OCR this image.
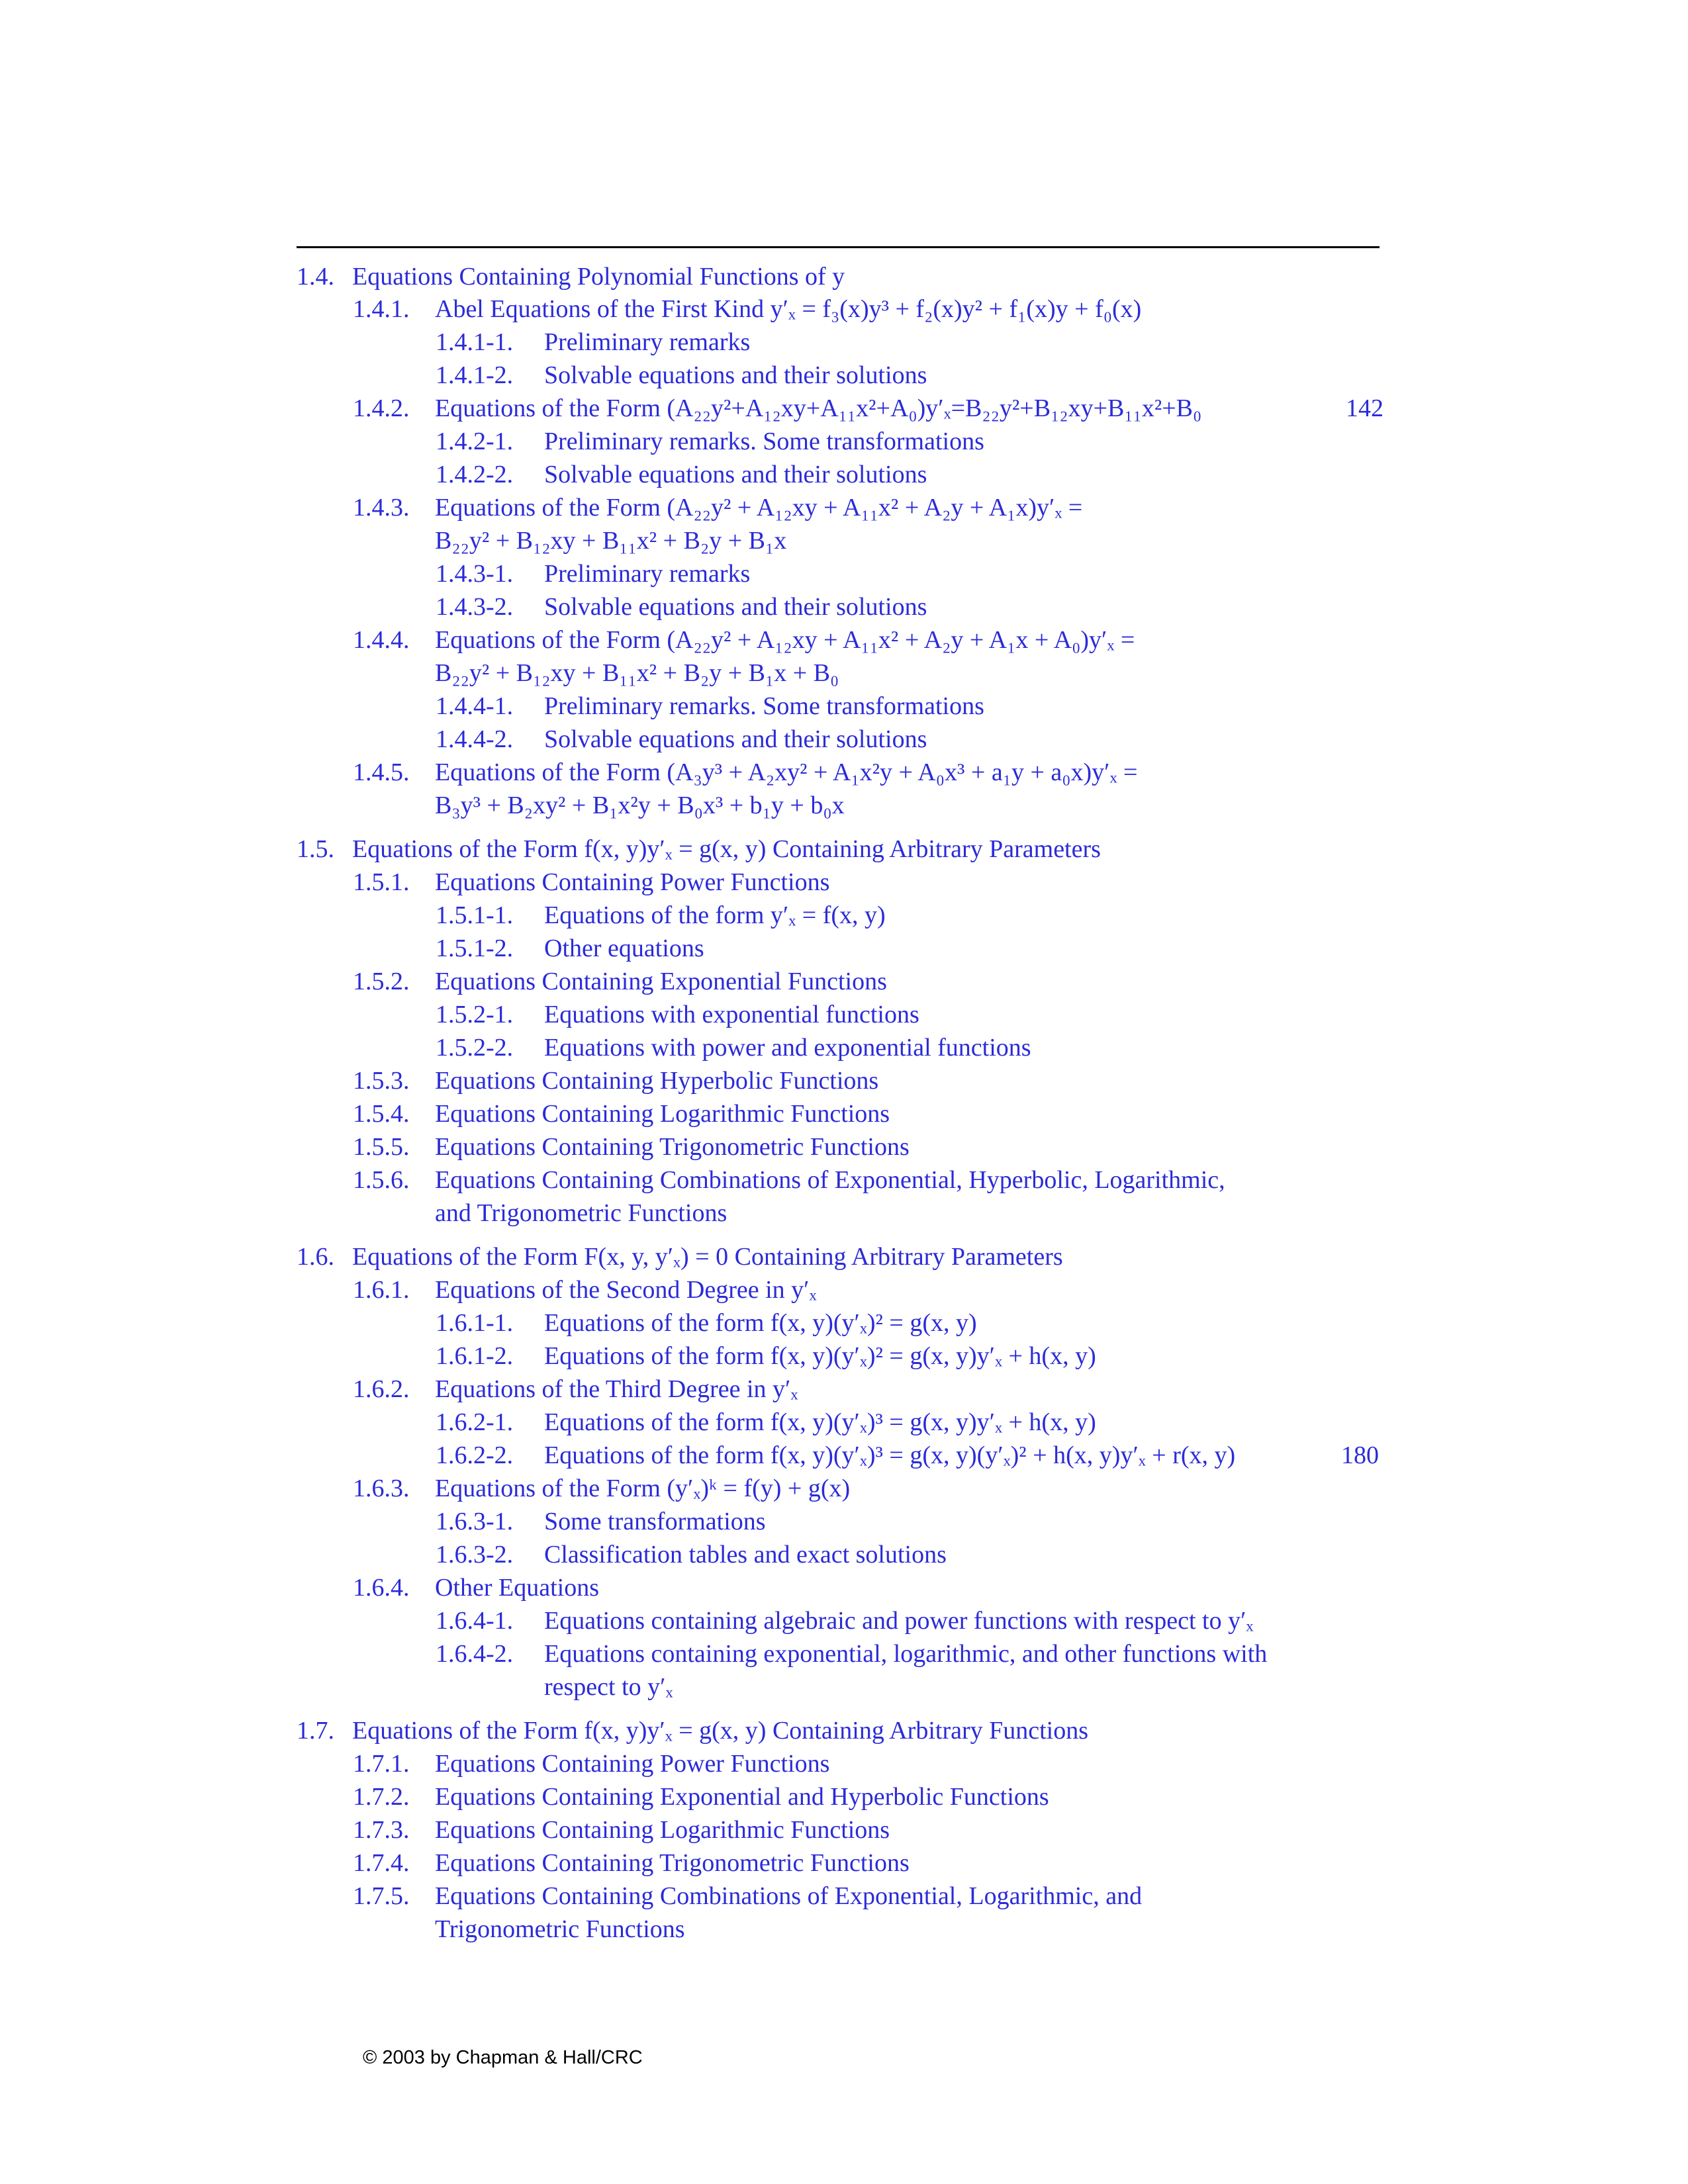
1.4. Equations Containing Polynomial Functions of y
1.4.1. Abel Equations of the First Kind y′ₓ = f₃(x)y³ + f₂(x)y² + f₁(x)y + f₀(x)
1.4.1-1. Preliminary remarks
1.4.1-2. Solvable equations and their solutions
1.4.2. Equations of the Form (A₂₂y²+A₁₂xy+A₁₁x²+A₀)y′ₓ=B₂₂y²+B₁₂xy+B₁₁x²+B₀
1.4.2-1. Preliminary remarks. Some transformations
1.4.2-2. Solvable equations and their solutions
1.4.3. Equations of the Form (A₂₂y² + A₁₂xy + A₁₁x² + A₂y + A₁x)y′ₓ =
B₂₂y² + B₁₂xy + B₁₁x² + B₂y + B₁x
1.4.3-1. Preliminary remarks
1.4.3-2. Solvable equations and their solutions
1.4.4. Equations of the Form (A₂₂y² + A₁₂xy + A₁₁x² + A₂y + A₁x + A₀)y′ₓ =
B₂₂y² + B₁₂xy + B₁₁x² + B₂y + B₁x + B₀
1.4.4-1. Preliminary remarks. Some transformations
1.4.4-2. Solvable equations and their solutions
1.4.5. Equations of the Form (A₃y³ + A₂xy² + A₁x²y + A₀x³ + a₁y + a₀x)y′ₓ =
B₃y³ + B₂xy² + B₁x²y + B₀x³ + b₁y + b₀x
1.5. Equations of the Form f(x, y)y′ₓ = g(x, y) Containing Arbitrary Parameters
1.5.1. Equations Containing Power Functions
1.5.1-1. Equations of the form y′ₓ = f(x, y)
1.5.1-2. Other equations
1.5.2. Equations Containing Exponential Functions
1.5.2-1. Equations with exponential functions
1.5.2-2. Equations with power and exponential functions
1.5.3. Equations Containing Hyperbolic Functions
1.5.4. Equations Containing Logarithmic Functions
1.5.5. Equations Containing Trigonometric Functions
1.5.6. Equations Containing Combinations of Exponential, Hyperbolic, Logarithmic,
and Trigonometric Functions
1.6. Equations of the Form F(x, y, y′ₓ) = 0 Containing Arbitrary Parameters
1.6.1. Equations of the Second Degree in y′ₓ
1.6.1-1. Equations of the form f(x, y)(y′ₓ)² = g(x, y)
1.6.1-2. Equations of the form f(x, y)(y′ₓ)² = g(x, y)y′ₓ + h(x, y)
1.6.2. Equations of the Third Degree in y′ₓ
1.6.2-1. Equations of the form f(x, y)(y′ₓ)³ = g(x, y)y′ₓ + h(x, y)
1.6.2-2. Equations of the form f(x, y)(y′ₓ)³ = g(x, y)(y′ₓ)² + h(x, y)y′ₓ + r(x, y)
1.6.3. Equations of the Form (y′ₓ)ᵏ = f(y) + g(x)
1.6.3-1. Some transformations
1.6.3-2. Classification tables and exact solutions
1.6.4. Other Equations
1.6.4-1. Equations containing algebraic and power functions with respect to y′ₓ
1.6.4-2. Equations containing exponential, logarithmic, and other functions with
respect to y′ₓ
1.7. Equations of the Form f(x, y)y′ₓ = g(x, y) Containing Arbitrary Functions
1.7.1. Equations Containing Power Functions
1.7.2. Equations Containing Exponential and Hyperbolic Functions
1.7.3. Equations Containing Logarithmic Functions
1.7.4. Equations Containing Trigonometric Functions
1.7.5. Equations Containing Combinations of Exponential, Logarithmic, and
Trigonometric Functions
142
180
© 2003 by Chapman & Hall/CRC
